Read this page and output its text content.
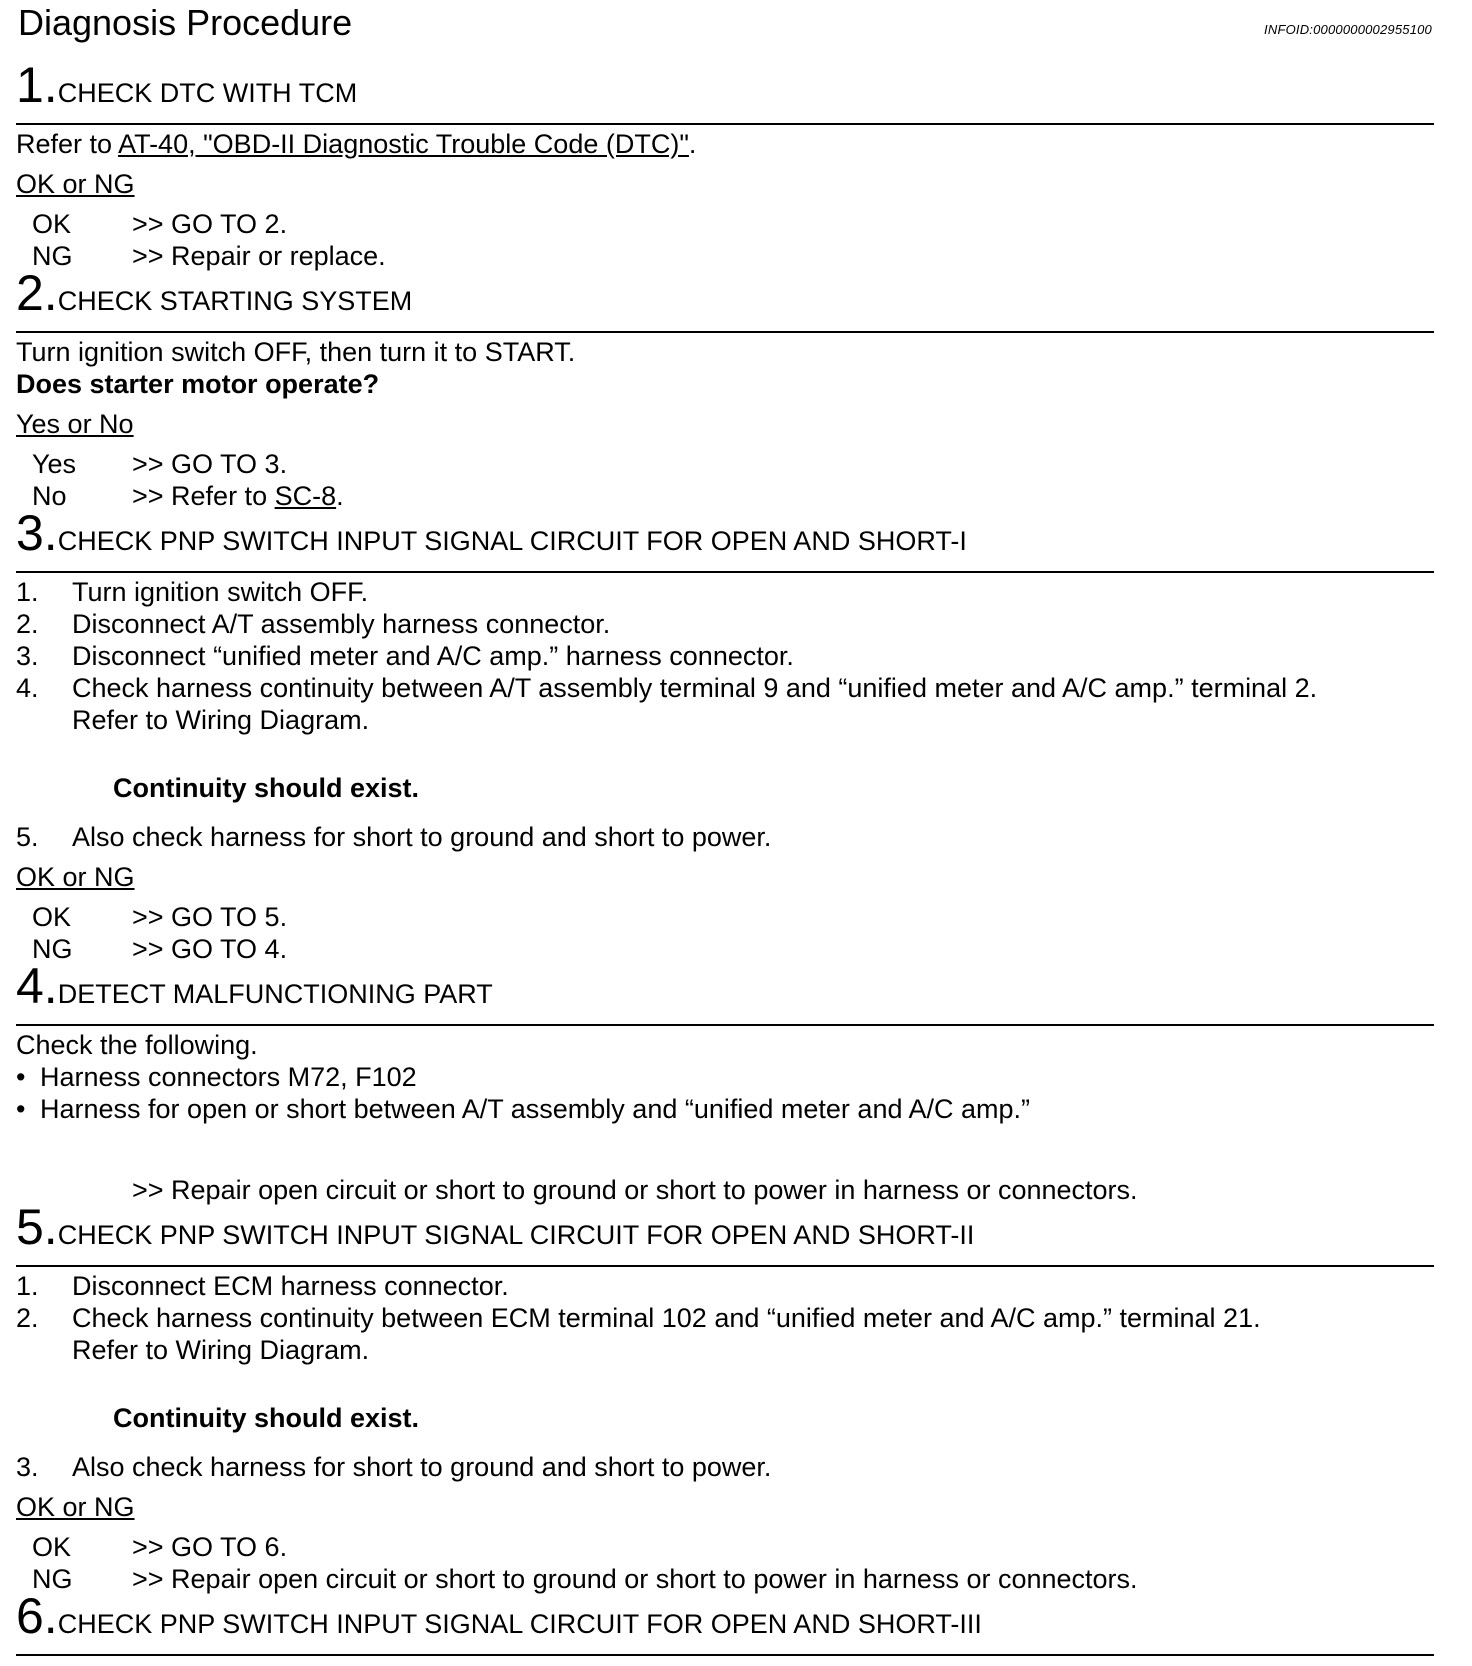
Diagnosis Procedure	INFOID:0000000002955100
1.CHECK DTC WITH TCM
Refer to AT-40, "OBD-II Diagnostic Trouble Code (DTC)".
OK or NG
OK >> GO TO 2.
NG >> Repair or replace.
2.CHECK STARTING SYSTEM
Turn ignition switch OFF, then turn it to START.
Does starter motor operate?
Yes or No
Yes >> GO TO 3.
No >> Refer to SC-8.
3.CHECK PNP SWITCH INPUT SIGNAL CIRCUIT FOR OPEN AND SHORT-I
1. Turn ignition switch OFF.
2. Disconnect A/T assembly harness connector.
3. Disconnect “unified meter and A/C amp.” harness connector.
4. Check harness continuity between A/T assembly terminal 9 and “unified meter and A/C amp.” terminal 2.
Refer to Wiring Diagram.
Continuity should exist.
5. Also check harness for short to ground and short to power.
OK or NG
OK >> GO TO 5.
NG >> GO TO 4.
4.DETECT MALFUNCTIONING PART
Check the following.
• Harness connectors M72, F102
• Harness for open or short between A/T assembly and “unified meter and A/C amp.”
>> Repair open circuit or short to ground or short to power in harness or connectors.
5.CHECK PNP SWITCH INPUT SIGNAL CIRCUIT FOR OPEN AND SHORT-II
1. Disconnect ECM harness connector.
2. Check harness continuity between ECM terminal 102 and “unified meter and A/C amp.” terminal 21.
Refer to Wiring Diagram.
Continuity should exist.
3. Also check harness for short to ground and short to power.
OK or NG
OK >> GO TO 6.
NG >> Repair open circuit or short to ground or short to power in harness or connectors.
6.CHECK PNP SWITCH INPUT SIGNAL CIRCUIT FOR OPEN AND SHORT-III
